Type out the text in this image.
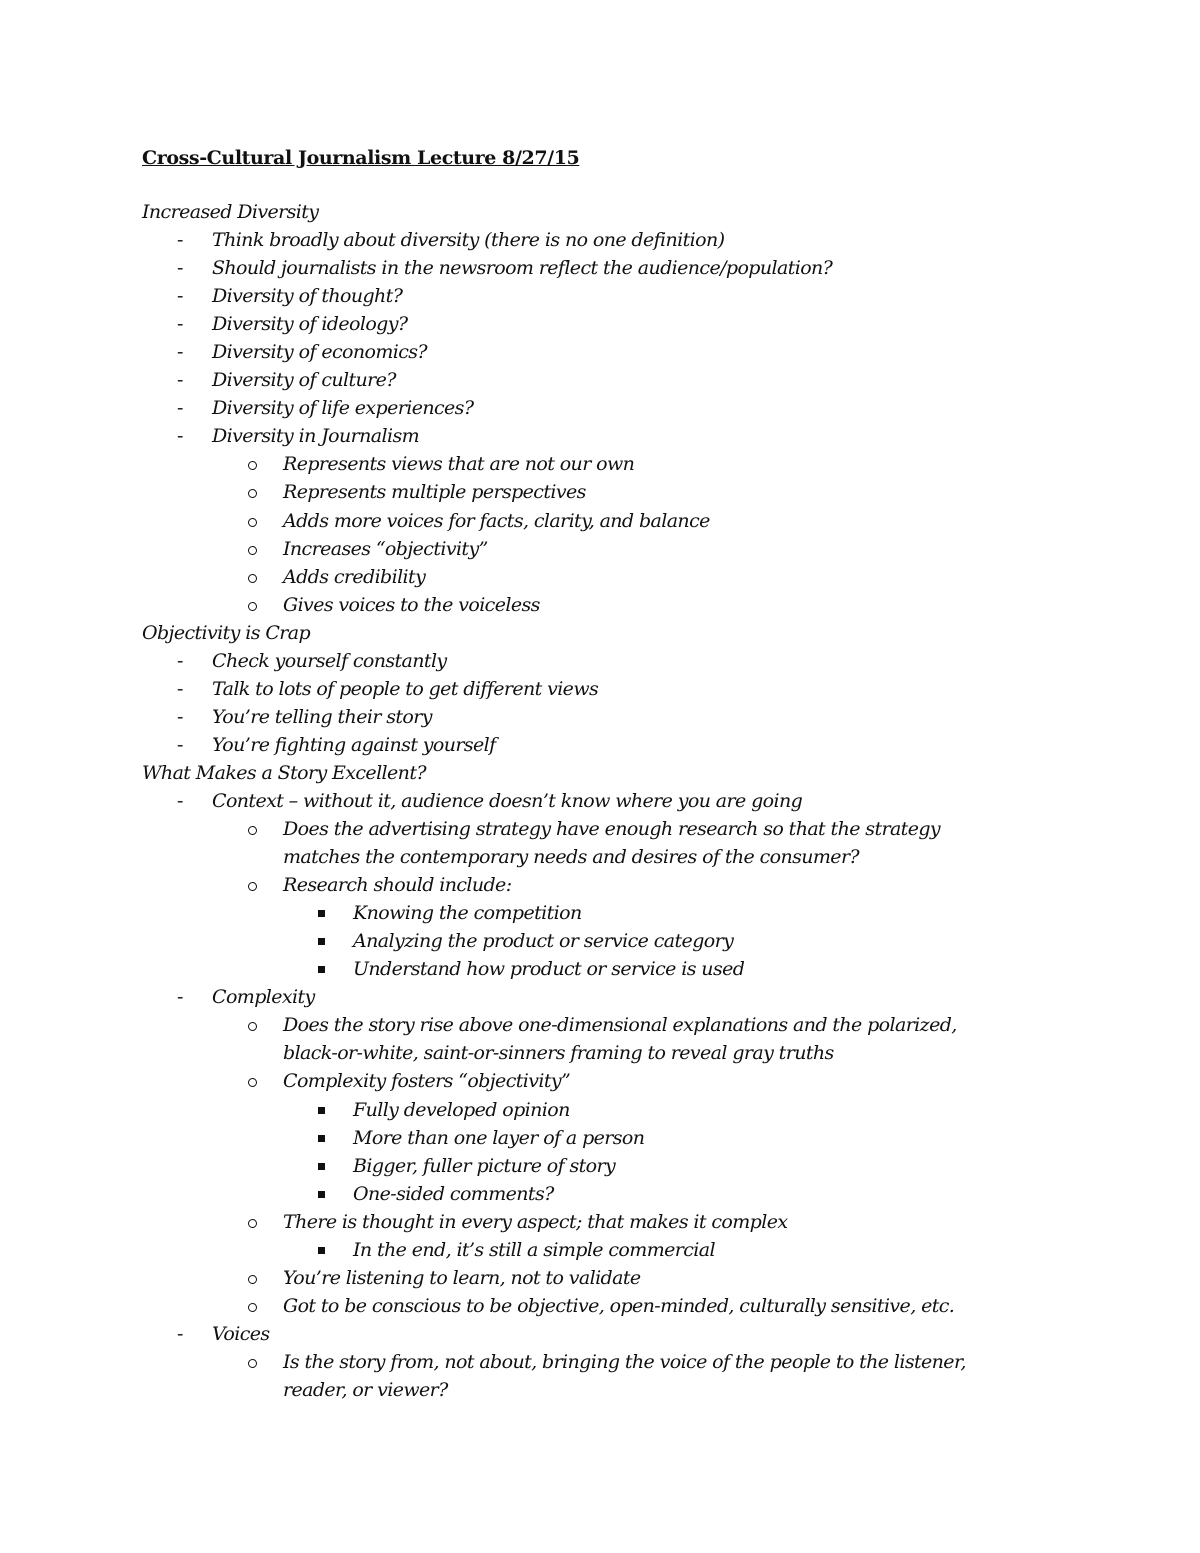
Cross-Cultural Journalism Lecture 8/27/15
Increased Diversity
- Think broadly about diversity (there is no one definition)
- Should journalists in the newsroom reflect the audience/population?
- Diversity of thought?
- Diversity of ideology?
- Diversity of economics?
- Diversity of culture?
- Diversity of life experiences?
- Diversity in Journalism
Represents views that are not our own
Represents multiple perspectives
Adds more voices for facts, clarity, and balance
Increases “objectivity”
Adds credibility
Gives voices to the voiceless
Objectivity is Crap
- Check yourself constantly
- Talk to lots of people to get different views
- You’re telling their story
- You’re fighting against yourself
What Makes a Story Excellent?
- Context – without it, audience doesn’t know where you are going
Does the advertising strategy have enough research so that the strategy
matches the contemporary needs and desires of the consumer?
Research should include:
Knowing the competition
Analyzing the product or service category
Understand how product or service is used
- Complexity
Does the story rise above one-dimensional explanations and the polarized,
black-or-white, saint-or-sinners framing to reveal gray truths
Complexity fosters “objectivity”
Fully developed opinion
More than one layer of a person
Bigger, fuller picture of story
One-sided comments?
There is thought in every aspect; that makes it complex
In the end, it’s still a simple commercial
You’re listening to learn, not to validate
Got to be conscious to be objective, open-minded, culturally sensitive, etc.
- Voices
Is the story from, not about, bringing the voice of the people to the listener,
reader, or viewer?
